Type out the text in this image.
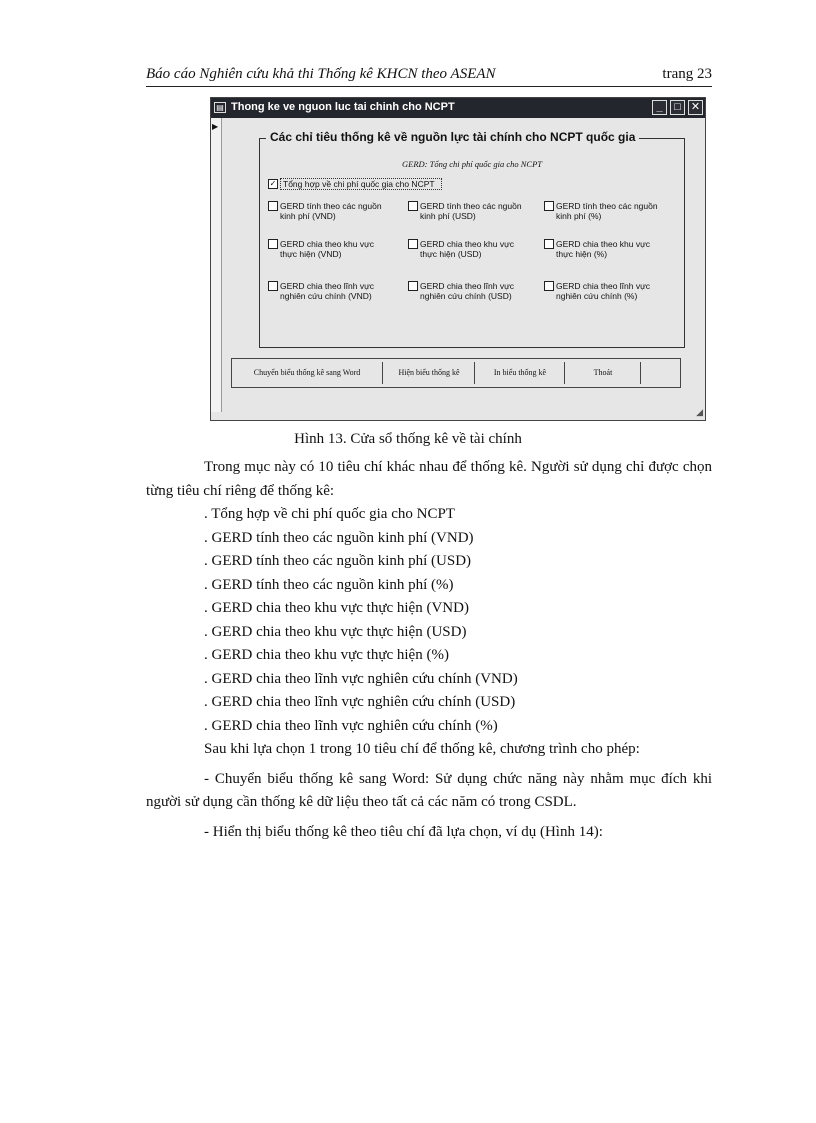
Báo cáo Nghiên cứu khả thi Thống kê KHCN theo ASEAN	trang 23
▤ Thong ke ve nguon luc tai chinh cho NCPT	_	□ ✕
▶
Các chỉ tiêu thống kê về nguồn lực tài chính cho NCPT quốc gia
GERD: Tổng chi phí quốc gia cho NCPT
✓ Tổng hợp về chi phí quốc gia cho NCPT
GERD tính theo các nguồn kinh phí (VND)
GERD tính theo các nguồn kinh phí (USD)
GERD tính theo các nguồn kinh phí (%)
GERD chia theo khu vực thực hiện (VND)
GERD chia theo khu vực thực hiện (USD)
GERD chia theo khu vực thực hiện (%)
GERD chia theo lĩnh vực nghiên cứu chính (VND)
GERD chia theo lĩnh vực nghiên cứu chính (USD)
GERD chia theo lĩnh vực nghiên cứu chính (%)
Chuyển biểu thống kê sang Word	Hiện biểu thống kê	In biểu thống kê	Thoát
◢
Hình 13. Cửa sổ thống kê về tài chính

Trong mục này có 10 tiêu chí khác nhau để thống kê. Người sử dụng chỉ được chọn từng tiêu chí riêng để thống kê:

. Tổng hợp về chi phí quốc gia cho NCPT

. GERD tính theo các nguồn kinh phí (VND)

. GERD tính theo các nguồn kinh phí (USD)

. GERD tính theo các nguồn kinh phí (%)

. GERD chia theo khu vực thực hiện (VND)

. GERD chia theo khu vực thực hiện (USD)

. GERD chia theo khu vực thực hiện (%)

. GERD chia theo lĩnh vực nghiên cứu chính (VND)

. GERD chia theo lĩnh vực nghiên cứu chính (USD)

. GERD chia theo lĩnh vực nghiên cứu chính (%)

Sau khi lựa chọn 1 trong 10 tiêu chí để thống kê, chương trình cho phép:

- Chuyển biểu thống kê sang Word: Sử dụng chức năng này nhằm mục đích khi người sử dụng cần thống kê dữ liệu theo tất cả các năm có trong CSDL.

- Hiển thị biểu thống kê theo tiêu chí đã lựa chọn, ví dụ (Hình 14):
